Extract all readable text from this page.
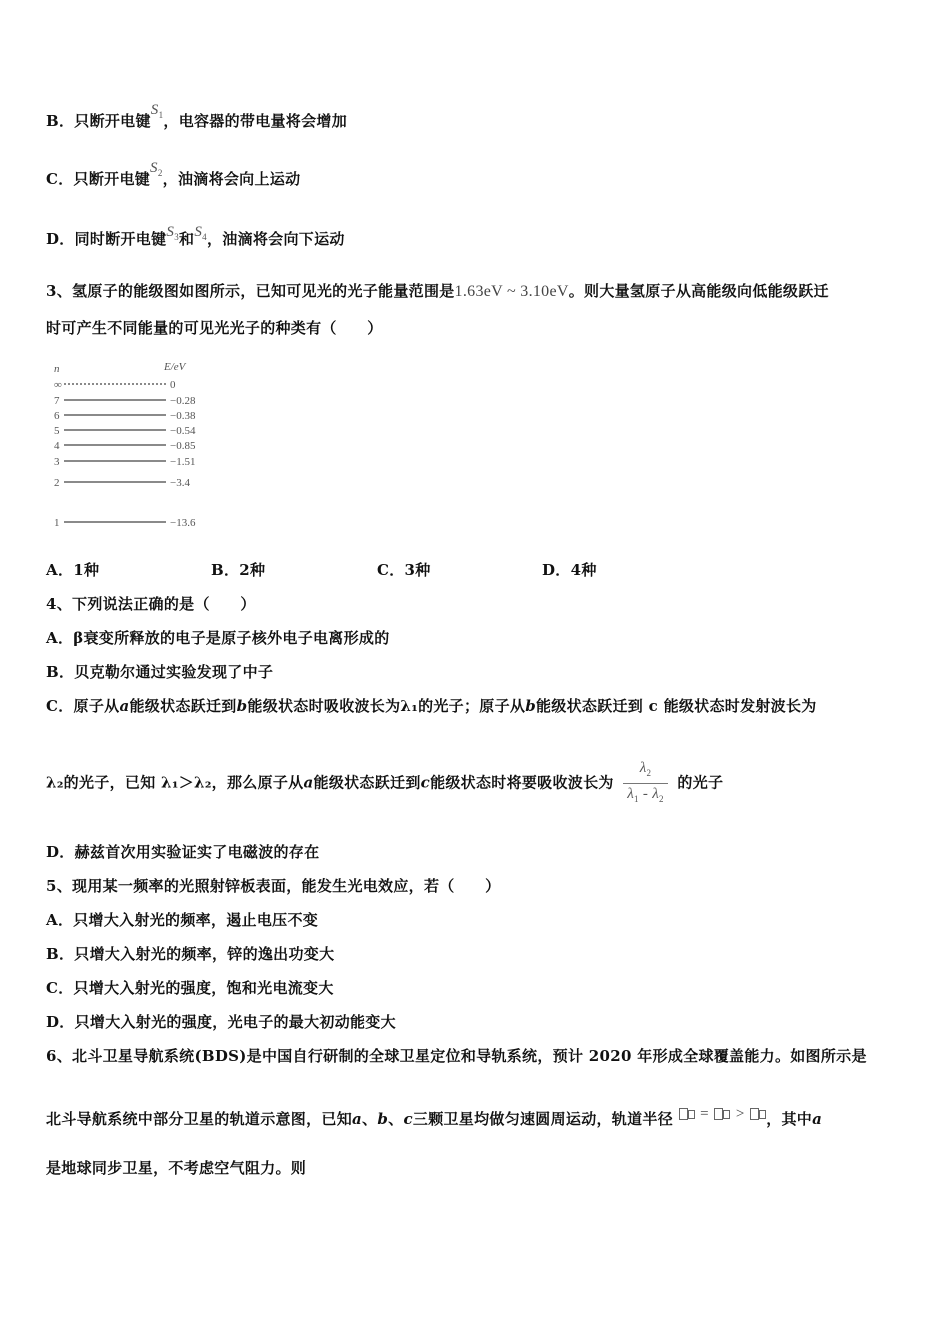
B．只断开电键$S_1$，电容器的带电量将会增加
C．只断开电键$S_2$，油滴将会向上运动
D．同时断开电键$S_3$和$S_4$，油滴将会向下运动
3、氢原子的能级图如图所示，已知可见光的光子能量范围是1.63eV ~ 3.10eV。则大量氢原子从高能级向低能级跃迁
时可产生不同能量的可见光光子的种类有（　　）
n	E/eV
∞	0
7	−0.28
6	−0.38
5	−0.54
4	−0.85
3	−1.51
2	−3.4
1	−13.6
A．1种	B．2种	C．3种	D．4种
4、下列说法正确的是（　　）
A．β衰变所释放的电子是原子核外电子电离形成的
B．贝克勒尔通过实验发现了中子
C．原子从a能级状态跃迁到b能级状态时吸收波长为λ₁的光子；原子从b能级状态跃迁到 c 能级状态时发射波长为
λ₂的光子，已知 λ₁＞λ₂，那么原子从a能级状态跃迁到c能级状态时将要吸收波长为 $\frac{\lambda_2}{\lambda_1 - \lambda_2}$ 的光子
D．赫兹首次用实验证实了电磁波的存在
5、现用某一频率的光照射锌板表面，能发生光电效应，若（　　）
A．只增大入射光的频率，遏止电压不变
B．只增大入射光的频率，锌的逸出功变大
C．只增大入射光的强度，饱和光电流变大
D．只增大入射光的强度，光电子的最大初动能变大
6、北斗卫星导航系统(BDS)是中国自行研制的全球卫星定位和导轨系统，预计 2020 年形成全球覆盖能力。如图所示是
北斗导航系统中部分卫星的轨道示意图，已知a、b、c三颗卫星均做匀速圆周运动，轨道半径 = > ，其中a
是地球同步卫星，不考虑空气阻力。则
